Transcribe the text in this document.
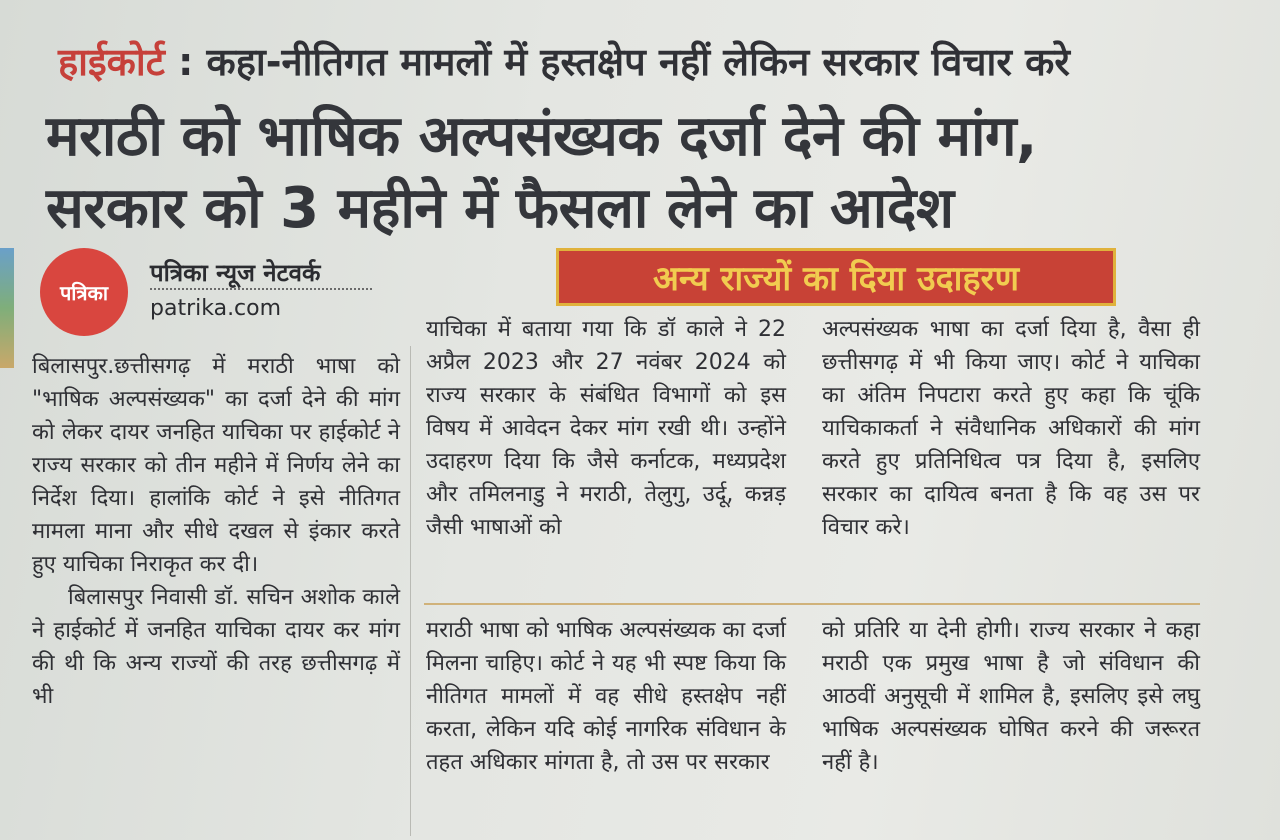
हाईकोर्ट : कहा-नीतिगत मामलों में हस्तक्षेप नहीं लेकिन सरकार विचार करे
मराठी को भाषिक अल्पसंख्यक दर्जा देने की मांग,
सरकार को 3 महीने में फैसला लेने का आदेश
पत्रिका
पत्रिका न्यूज नेटवर्क
patrika.com
अन्य राज्यों का दिया उदाहरण

बिलासपुर.छत्तीसगढ़ में मराठी भाषा को "भाषिक अल्पसंख्यक" का दर्जा देने की मांग को लेकर दायर जनहित याचिका पर हाईकोर्ट ने राज्य सरकार को तीन महीने में निर्णय लेने का निर्देश दिया। हालांकि कोर्ट ने इसे नीतिगत मामला माना और सीधे दखल से इंकार करते हुए याचिका निराकृत कर दी।

बिलासपुर निवासी डॉ. सचिन अशोक काले ने हाईकोर्ट में जनहित याचिका दायर कर मांग की थी कि अन्य राज्यों की तरह छत्तीसगढ़ में भी

याचिका में बताया गया कि डॉ काले ने 22 अप्रैल 2023 और 27 नवंबर 2024 को राज्य सरकार के संबंधित विभागों को इस विषय में आवेदन देकर मांग रखी थी। उन्होंने उदाहरण दिया कि जैसे कर्नाटक, मध्यप्रदेश और तमिलनाडु ने मराठी, तेलुगु, उर्दू, कन्नड़ जैसी भाषाओं को

अल्पसंख्यक भाषा का दर्जा दिया है, वैसा ही छत्तीसगढ़ में भी किया जाए। कोर्ट ने याचिका का अंतिम निपटारा करते हुए कहा कि चूंकि याचिकाकर्ता ने संवैधानिक अधिकारों की मांग करते हुए प्रतिनिधित्व पत्र दिया है, इसलिए सरकार का दायित्व बनता है कि वह उस पर विचार करे।

मराठी भाषा को भाषिक अल्पसंख्यक का दर्जा मिलना चाहिए। कोर्ट ने यह भी स्पष्ट किया कि नीतिगत मामलों में वह सीधे हस्तक्षेप नहीं करता, लेकिन यदि कोई नागरिक संविधान के तहत अधिकार मांगता है, तो उस पर सरकार

को प्रतिरि या देनी होगी। राज्य सरकार ने कहा मराठी एक प्रमुख भाषा है जो संविधान की आठवीं अनुसूची में शामिल है, इसलिए इसे लघु भाषिक अल्पसंख्यक घोषित करने की जरूरत नहीं है।
